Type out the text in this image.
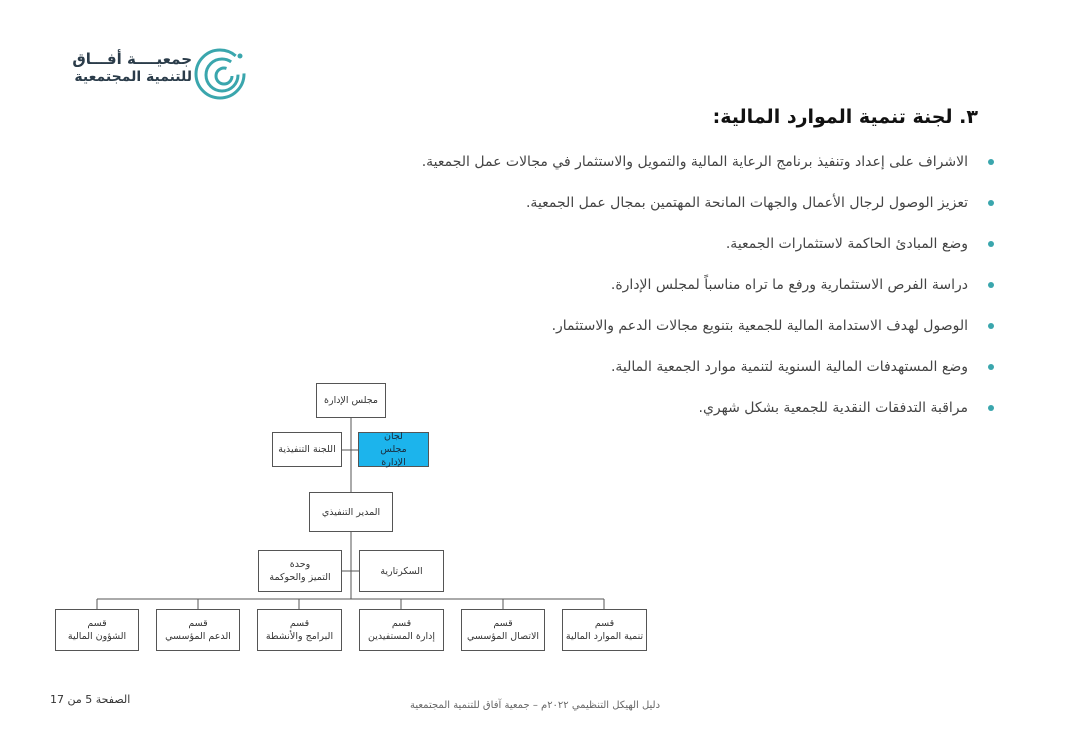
جمعيــــة أفـــاق
للتنمية المجتمعية
٣. لجنة تنمية الموارد المالية:
الاشراف على إعداد وتنفيذ برنامج الرعاية المالية والتمويل والاستثمار في مجالات عمل الجمعية.
تعزيز الوصول لرجال الأعمال والجهات المانحة المهتمين بمجال عمل الجمعية.
وضع المبادئ الحاكمة لاستثمارات الجمعية.
دراسة الفرص الاستثمارية ورفع ما تراه مناسباً لمجلس الإدارة.
الوصول لهدف الاستدامة المالية للجمعية بتنويع مجالات الدعم والاستثمار.
وضع المستهدفات المالية السنوية لتنمية موارد الجمعية المالية.
مراقبة التدفقات النقدية للجمعية بشكل شهري.
مجلس الإدارة
اللجنة التنفيذية
لجان مجلس الإدارة
المدير التنفيذي
وحدة
التميز والحوكمة
السكرتارية
قسم
الشؤون المالية
قسم
الدعم المؤسسي
قسم
البرامج والأنشطة
قسم
إدارة المستفيدين
قسم
الاتصال المؤسسي
قسم
تنمية الموارد المالية
الصفحة 5 من 17	دليل الهيكل التنظيمي ٢٠٢٢م – جمعية آفاق للتنمية المجتمعية
